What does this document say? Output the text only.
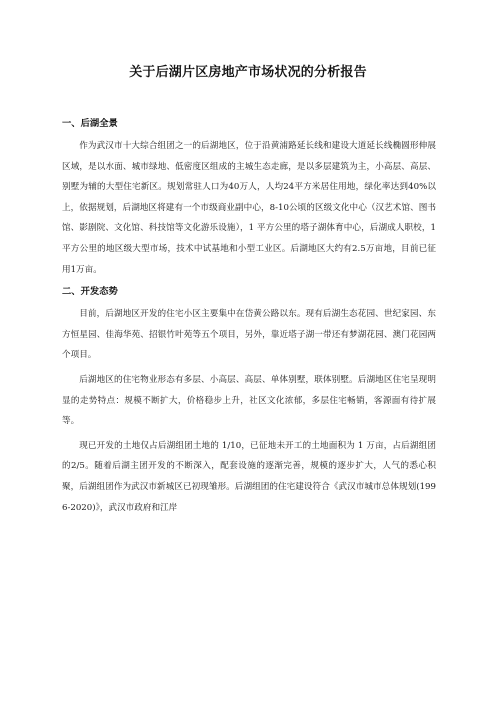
关于后湖片区房地产市场状况的分析报告
一、后湖全景

作为武汉市十大综合组团之一的后湖地区，位于沿黄浦路延长线和建设大道延长线椭圆形伸展区域，是以水面、城市绿地、低密度区组成的主城生态走廊，是以多层建筑为主，小高层、高层、别墅为辅的大型住宅新区。规划常驻人口为40万人，人均24平方米居住用地，绿化率达到40%以上，依据规划，后湖地区将建有一个市级商业副中心，8-10公顷的区级文化中心（汉艺术馆、图书馆、影剧院、文化馆、科技馆等文化游乐设施），1 平方公里的塔子湖体育中心，后湖成人职校，1平方公里的地区级大型市场，技术中试基地和小型工业区。后湖地区大约有2.5万亩地，目前已征用1万亩。

二、开发态势

目前，后湖地区开发的住宅小区主要集中在岱黄公路以东。现有后湖生态花园、世纪家园、东方恒星园、佳海华苑、招银竹叶苑等五个项目，另外，靠近塔子湖一带还有梦湖花园、澳门花园两个项目。

后湖地区的住宅物业形态有多层、小高层、高层、单体别墅，联体别墅。后湖地区住宅呈现明显的走势特点：规模不断扩大，价格稳步上升，社区文化浓郁，多层住宅畅销，客源面有待扩展等。

现已开发的土地仅占后湖组团土地的 1/10，已征地未开工的土地面积为 1 万亩，占后湖组团的2/5。随着后湖主团开发的不断深入，配套设施的逐渐完善，规模的逐步扩大，人气的悉心积聚，后湖组团作为武汉市新城区已初现雏形。后湖组团的住宅建设符合《武汉市城市总体规划(1996-2020)》，武汉市政府和江岸
